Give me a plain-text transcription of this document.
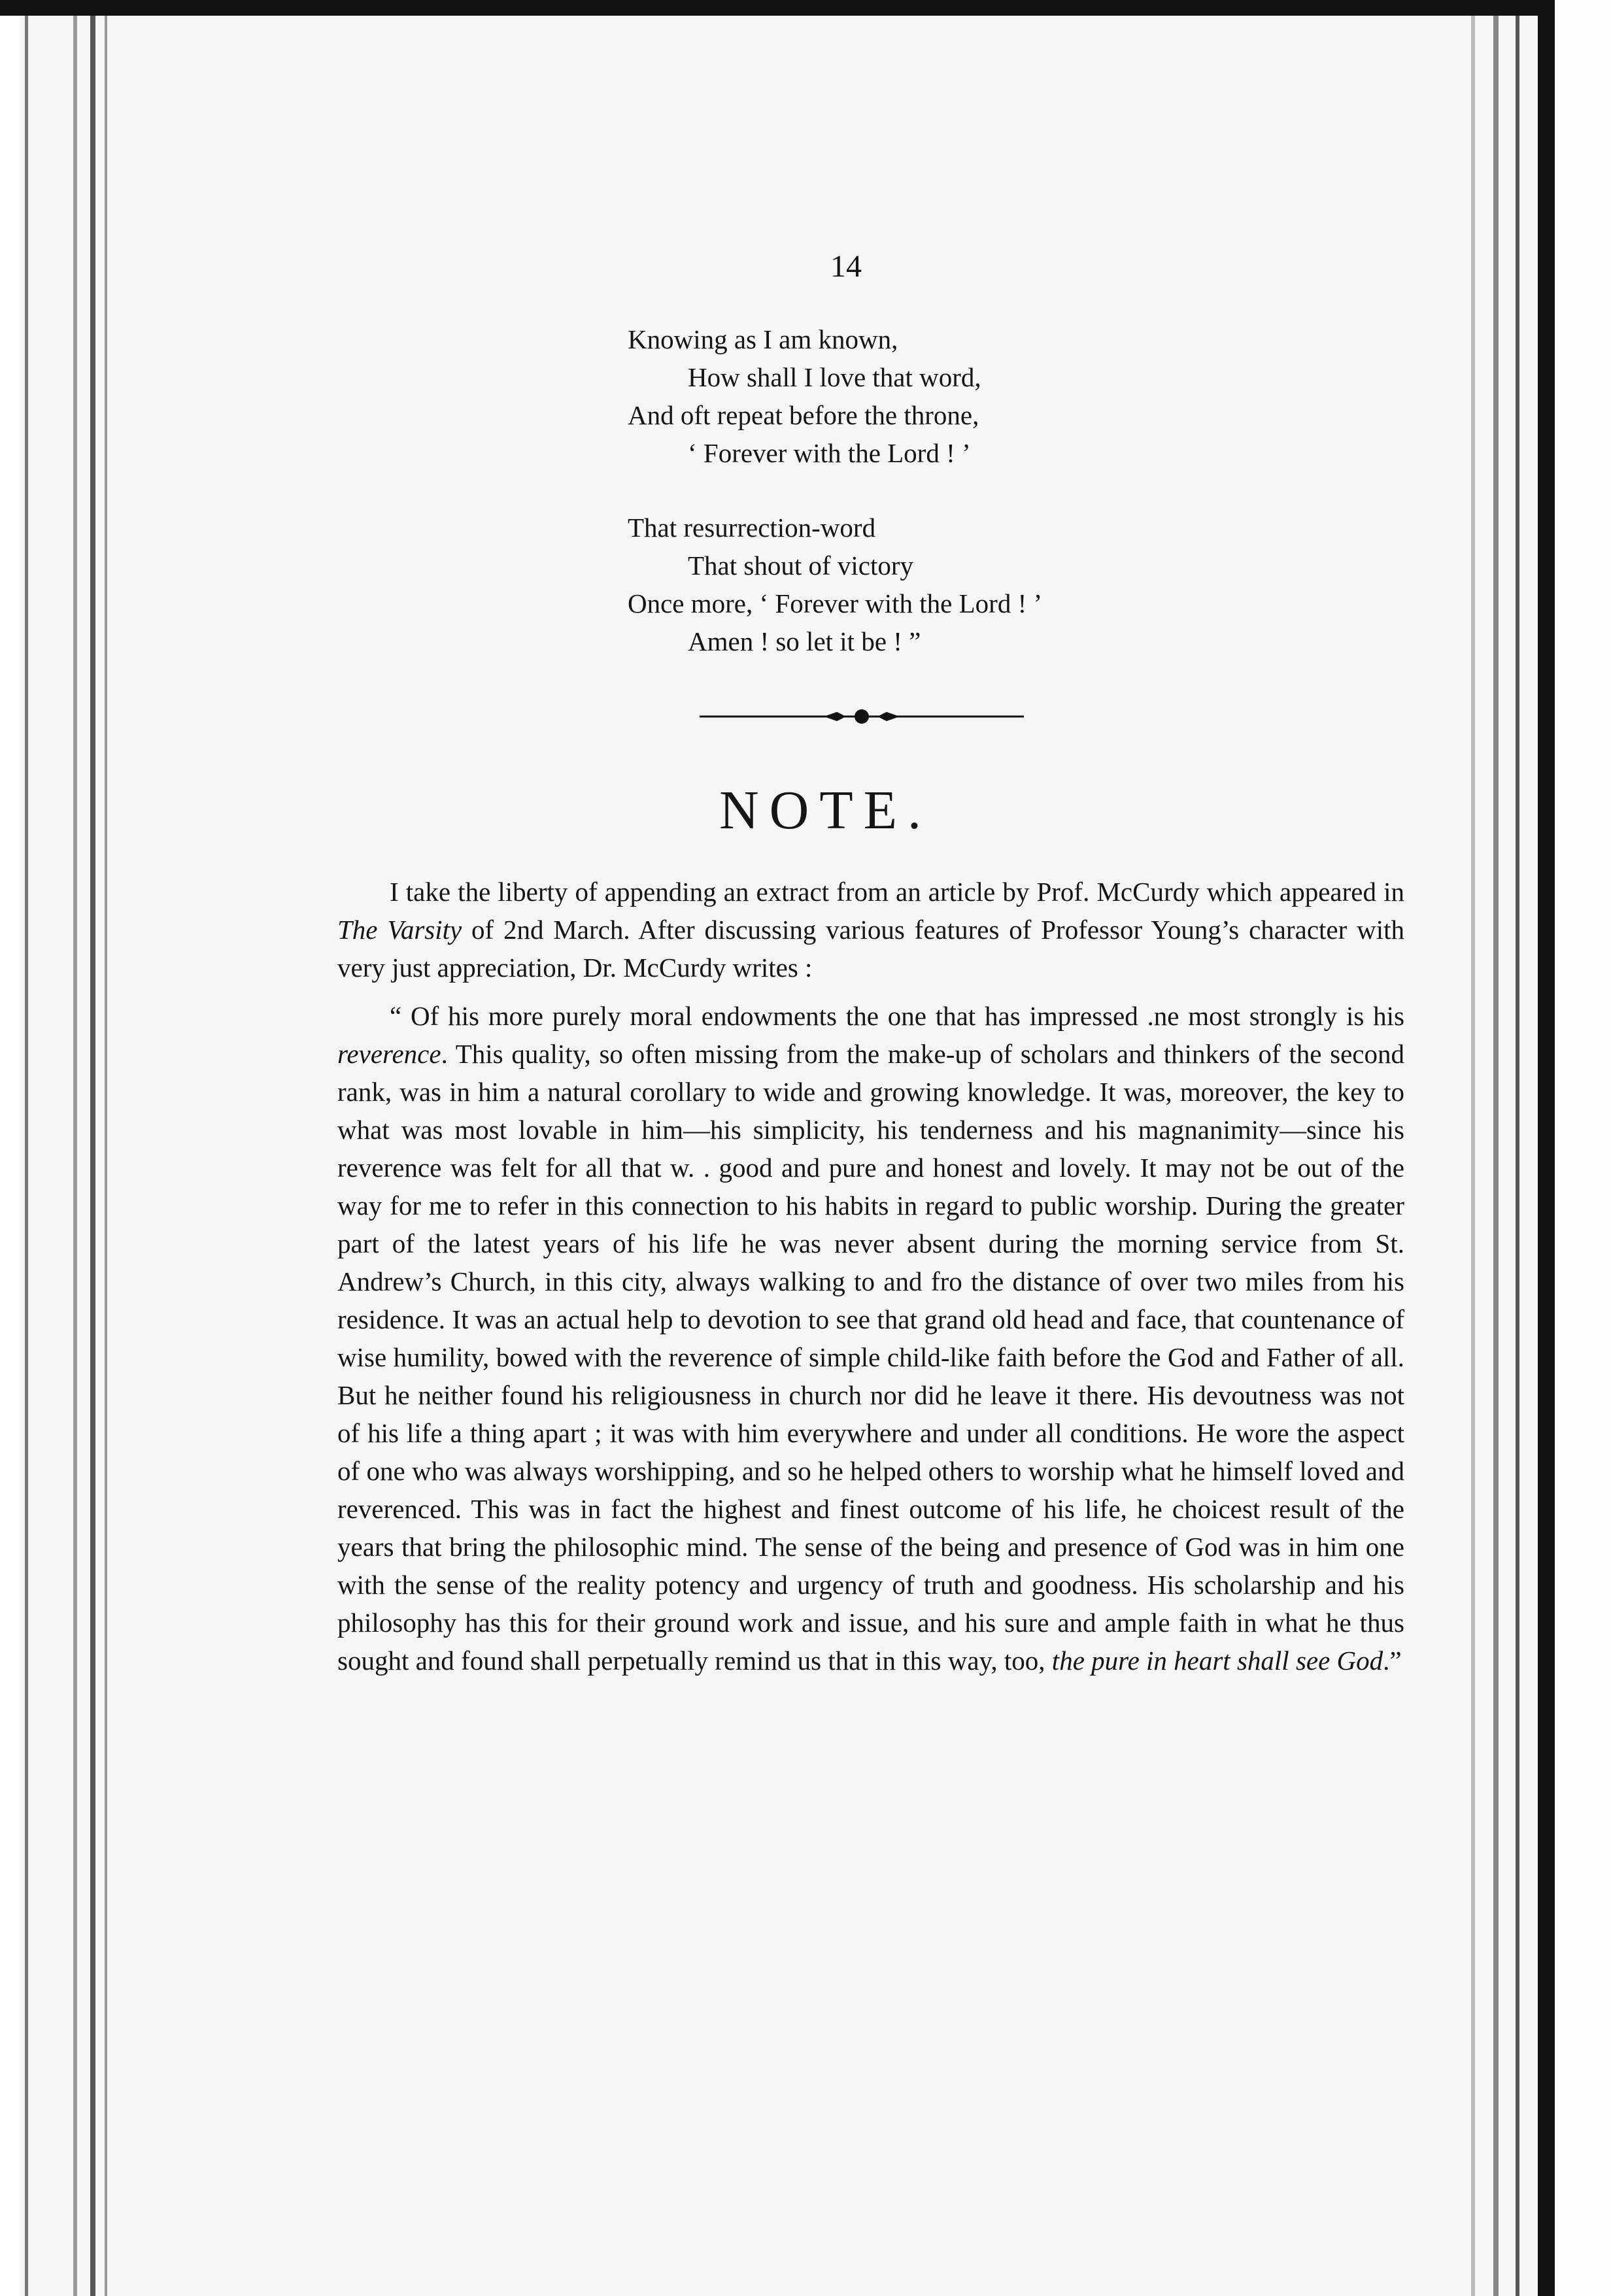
14
Knowing as I am known,
How shall I love that word,
And oft repeat before the throne,
‘ Forever with the Lord ! ’
That resurrection-word
That shout of victory
Once more, ‘ Forever with the Lord ! ’
Amen ! so let it be ! ”
NOTE.

I take the liberty of appending an extract from an article by Prof. McCurdy which appeared in The Varsity of 2nd March. After discussing various features of Professor Young’s character with very just appreciation, Dr. McCurdy writes :

“ Of his more purely moral endowments the one that has impressed .ne most strongly is his reverence. This quality, so often missing from the make-up of scholars and thinkers of the second rank, was in him a natural corollary to wide and growing knowledge. It was, moreover, the key to what was most lovable in him—his simplicity, his tenderness and his magnanimity—since his reverence was felt for all that w. . good and pure and honest and lovely. It may not be out of the way for me to refer in this connection to his habits in regard to public worship. During the greater part of the latest years of his life he was never absent during the morning service from St. Andrew’s Church, in this city, always walking to and fro the distance of over two miles from his residence. It was an actual help to devotion to see that grand old head and face, that countenance of wise humility, bowed with the reverence of simple child-like faith before the God and Father of all. But he neither found his religiousness in church nor did he leave it there. His devoutness was not of his life a thing apart ; it was with him everywhere and under all conditions. He wore the aspect of one who was always worshipping, and so he helped others to worship what he himself loved and reverenced. This was in fact the highest and finest outcome of his life, he choicest result of the years that bring the philosophic mind. The sense of the being and presence of God was in him one with the sense of the reality potency and urgency of truth and goodness. His scholarship and his philosophy has this for their ground work and issue, and his sure and ample faith in what he thus sought and found shall perpetually remind us that in this way, too, the pure in heart shall see God.”
